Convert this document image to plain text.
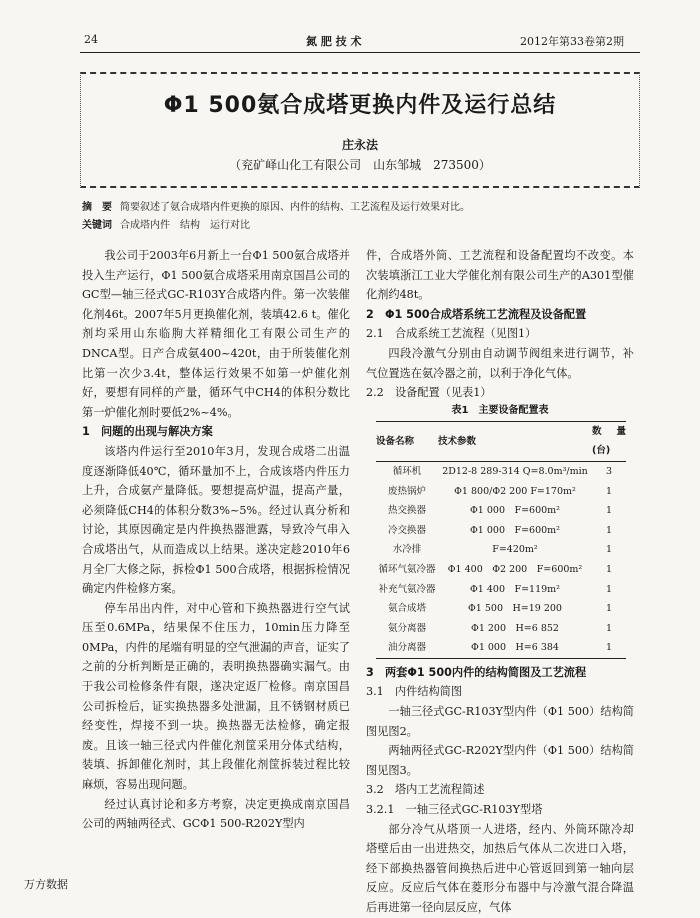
24	氮 肥 技 术	2012年第33卷第2期
Φ1 500氨合成塔更换内件及运行总结
庄永法
（兖矿峄山化工有限公司　山东邹城　273500）
摘　要 简要叙述了氨合成塔内件更换的原因、内件的结构、工艺流程及运行效果对比。
关键词 合成塔内件　结构　运行对比

我公司于2003年6月新上一台Φ1 500氨合成塔并投入生产运行，Φ1 500氨合成塔采用南京国昌公司的GC型—轴三径式GC-R103Y合成塔内件。第一次装催化剂46t。2007年5月更换催化剂，装填42.6 t。催化剂均采用山东临朐大祥精细化工有限公司生产的DNCA型。日产合成氨400~420t，由于所装催化剂比第一次少3.4t，整体运行效果不如第一炉催化剂好，要想有同样的产量，循环气中CH4的体积分数比第一炉催化剂时要低2%~4%。

1　问题的出现与解决方案

该塔内件运行至2010年3月，发现合成塔二出温度逐渐降低40℃，循环量加不上，合成该塔内件压力上升，合成氨产量降低。要想提高炉温，提高产量，必须降低CH4的体积分数3%~5%。经过认真分析和讨论，其原因确定是内件换热器泄露，导致冷气串入合成塔出气，从而造成以上结果。遂决定趁2010年6月全厂大修之际，拆检Φ1 500合成塔，根据拆检情况确定内件检修方案。

停车吊出内件，对中心管和下换热器进行空气试压至0.6MPa，结果保不住压力，10min压力降至0MPa，内件的尾端有明显的空气泄漏的声音，证实了之前的分析判断是正确的，表明换热器确实漏气。由于我公司检修条件有限，遂决定返厂检修。南京国昌公司拆检后，证实换热器多处泄漏，且不锈钢材质已经变性，焊接不到一块。换热器无法检修，确定报废。且该一轴三径式内件催化剂筐采用分体式结构，装填、拆卸催化剂时，其上段催化剂筐拆装过程比较麻烦，容易出现问题。

经过认真讨论和多方考察，决定更换成南京国昌公司的两轴两径式、GCΦ1 500-R202Y型内

件，合成塔外筒、工艺流程和设备配置均不改变。本次装填浙江工业大学催化剂有限公司生产的A301型催化剂约48t。

2　Φ1 500合成塔系统工艺流程及设备配置

2.1　合成系统工艺流程（见图1）

四段冷激气分别由自动调节阀组来进行调节，补气位置选在氨冷器之前，以利于净化气体。

2.2　设备配置（见表1）

表1　主要设备配置表
设备名称	技术参数	数量(台)
循环机	2D12-8 289-314 Q=8.0m³/min	3
废热锅炉	Φ1 800/Φ2 200 F=170m²	1
热交换器	Φ1 000　F=600m²	1
冷交换器	Φ1 000　F=600m²	1
水冷排	F=420m²	1
循环气氨冷器	Φ1 400　Φ2 200　F=600m²	1
补充气氨冷器	Φ1 400　F=119m²	1
氨合成塔	Φ1 500　H=19 200	1
氨分离器	Φ1 200　H=6 852	1
油分离器	Φ1 000　H=6 384	1

3　两套Φ1 500内件的结构简图及工艺流程

3.1　内件结构简图

一轴三径式GC-R103Y型内件（Φ1 500）结构简图见图2。

两轴两径式GC-R202Y型内件（Φ1 500）结构简图见图3。

3.2　塔内工艺流程简述

3.2.1　一轴三径式GC-R103Y型塔

部分冷气从塔顶一人进塔，经内、外筒环隙冷却塔壁后由一出进热交，加热后气体从二次进口入塔，经下部换热器管间换热后进中心管返回到第一轴向层反应。反应后气体在菱形分布器中与冷激气混合降温后再进第一径向层反应，气体

万方数据
